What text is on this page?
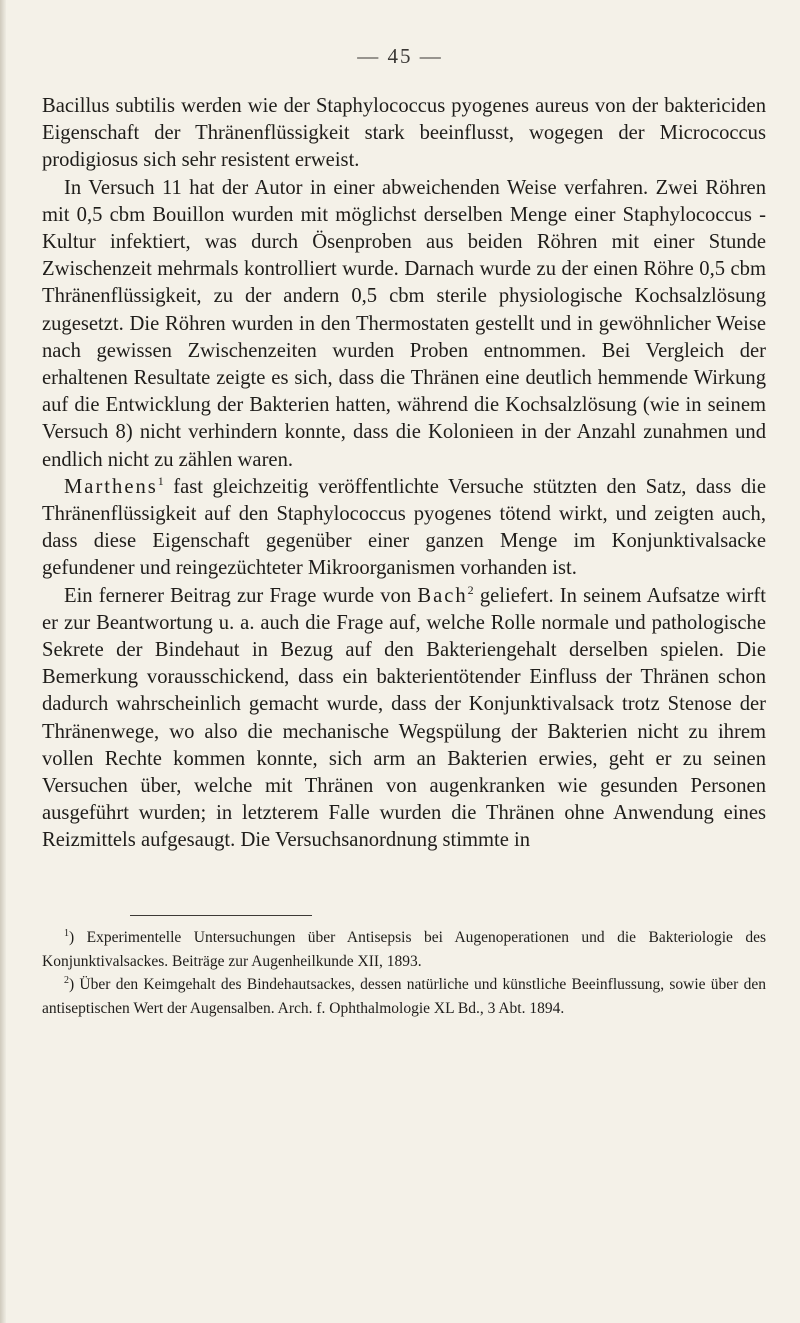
— 45 —

Bacillus subtilis werden wie der Staphylococcus pyogenes aureus von der baktericiden Eigenschaft der Thränenflüssigkeit stark beeinflusst, wogegen der Micrococcus prodigiosus sich sehr resistent erweist.

In Versuch 11 hat der Autor in einer abweichenden Weise verfahren. Zwei Röhren mit 0,5 cbm Bouillon wurden mit möglichst derselben Menge einer Staphylococcus - Kultur infektiert, was durch Ösenproben aus beiden Röhren mit einer Stunde Zwischenzeit mehrmals kontrolliert wurde. Darnach wurde zu der einen Röhre 0,5 cbm Thränenflüssigkeit, zu der andern 0,5 cbm sterile physiologische Kochsalzlösung zugesetzt. Die Röhren wurden in den Thermostaten gestellt und in gewöhnlicher Weise nach gewissen Zwischenzeiten wurden Proben entnommen. Bei Vergleich der erhaltenen Resultate zeigte es sich, dass die Thränen eine deutlich hemmende Wirkung auf die Entwicklung der Bakterien hatten, während die Kochsalzlösung (wie in seinem Versuch 8) nicht verhindern konnte, dass die Kolonieen in der Anzahl zunahmen und endlich nicht zu zählen waren.

Marthens$^1$ fast gleichzeitig veröffentlichte Versuche stützten den Satz, dass die Thränenflüssigkeit auf den Staphylococcus pyogenes tötend wirkt, und zeigten auch, dass diese Eigenschaft gegenüber einer ganzen Menge im Konjunktivalsacke gefundener und reingezüchteter Mikroorganismen vorhanden ist.

Ein fernerer Beitrag zur Frage wurde von Bach$^2$ geliefert. In seinem Aufsatze wirft er zur Beantwortung u. a. auch die Frage auf, welche Rolle normale und pathologische Sekrete der Bindehaut in Bezug auf den Bakteriengehalt derselben spielen. Die Bemerkung vorausschickend, dass ein bakterientötender Einfluss der Thränen schon dadurch wahrscheinlich gemacht wurde, dass der Konjunktivalsack trotz Stenose der Thränenwege, wo also die mechanische Wegspülung der Bakterien nicht zu ihrem vollen Rechte kommen konnte, sich arm an Bakterien erwies, geht er zu seinen Versuchen über, welche mit Thränen von augenkranken wie gesunden Personen ausgeführt wurden; in letzterem Falle wurden die Thränen ohne Anwendung eines Reizmittels aufgesaugt. Die Versuchsanordnung stimmte in

$^1$) Experimentelle Untersuchungen über Antisepsis bei Augenoperationen und die Bakteriologie des Konjunktivalsackes. Beiträge zur Augenheilkunde XII, 1893.

$^2$) Über den Keimgehalt des Bindehautsackes, dessen natürliche und künstliche Beeinflussung, sowie über den antiseptischen Wert der Augensalben. Arch. f. Ophthalmologie XL Bd., 3 Abt. 1894.
